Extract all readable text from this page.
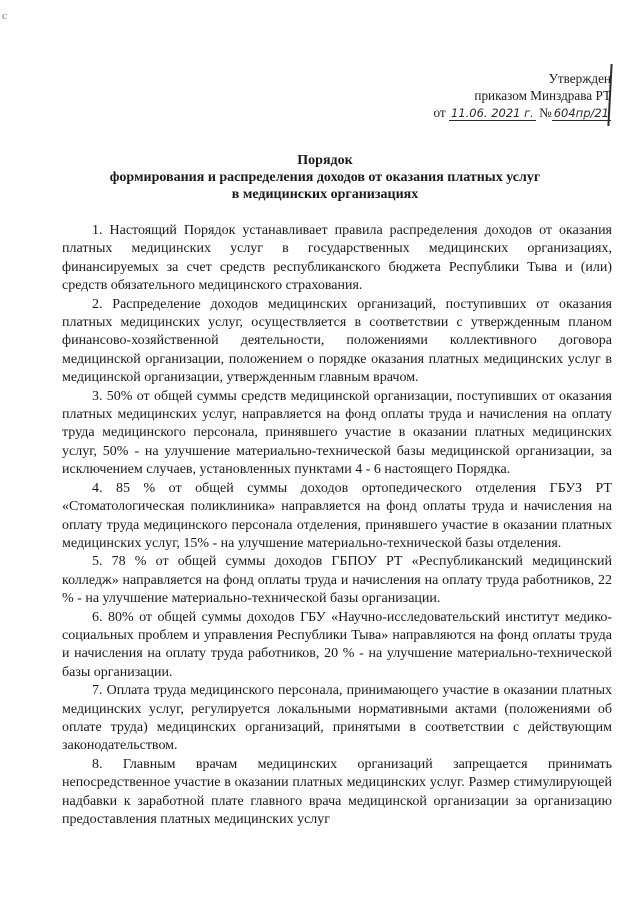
с
Утвержден
приказом Минздрава РТ
от 11.06. 2021 г. № 604пр/21
Порядок
формирования и распределения доходов от оказания платных услуг
в медицинских организациях

1. Настоящий Порядок устанавливает правила распределения доходов от оказания платных медицинских услуг в государственных медицинских организациях, финансируемых за счет средств республиканского бюджета Республики Тыва и (или) средств обязательного медицинского страхования.

2. Распределение доходов медицинских организаций, поступивших от оказания платных медицинских услуг, осуществляется в соответствии с утвержденным планом финансово-хозяйственной деятельности, положениями коллективного договора медицинской организации, положением о порядке оказания платных медицинских услуг в медицинской организации, утвержденным главным врачом.

3. 50% от общей суммы средств медицинской организации, поступивших от оказания платных медицинских услуг, направляется на фонд оплаты труда и начисления на оплату труда медицинского персонала, принявшего участие в оказании платных медицинских услуг, 50% - на улучшение материально-технической базы медицинской организации, за исключением случаев, установленных пунктами 4 - 6 настоящего Порядка.

4. 85 % от общей суммы доходов ортопедического отделения ГБУЗ РТ «Стоматологическая поликлиника» направляется на фонд оплаты труда и начисления на оплату труда медицинского персонала отделения, принявшего участие в оказании платных медицинских услуг, 15% - на улучшение материально-технической базы отделения.

5. 78 % от общей суммы доходов ГБПОУ РТ «Республиканский медицинский колледж» направляется на фонд оплаты труда и начисления на оплату труда работников, 22 % - на улучшение материально-технической базы организации.

6. 80% от общей суммы доходов ГБУ «Научно-исследовательский институт медико-социальных проблем и управления Республики Тыва» направляются на фонд оплаты труда и начисления на оплату труда работников, 20 % - на улучшение материально-технической базы организации.

7. Оплата труда медицинского персонала, принимающего участие в оказании платных медицинских услуг, регулируется локальными нормативными актами (положениями об оплате труда) медицинских организаций, принятыми в соответствии с действующим законодательством.

8. Главным врачам медицинских организаций запрещается принимать непосредственное участие в оказании платных медицинских услуг. Размер стимулирующей надбавки к заработной плате главного врача медицинской организации за организацию предоставления платных медицинских услуг
